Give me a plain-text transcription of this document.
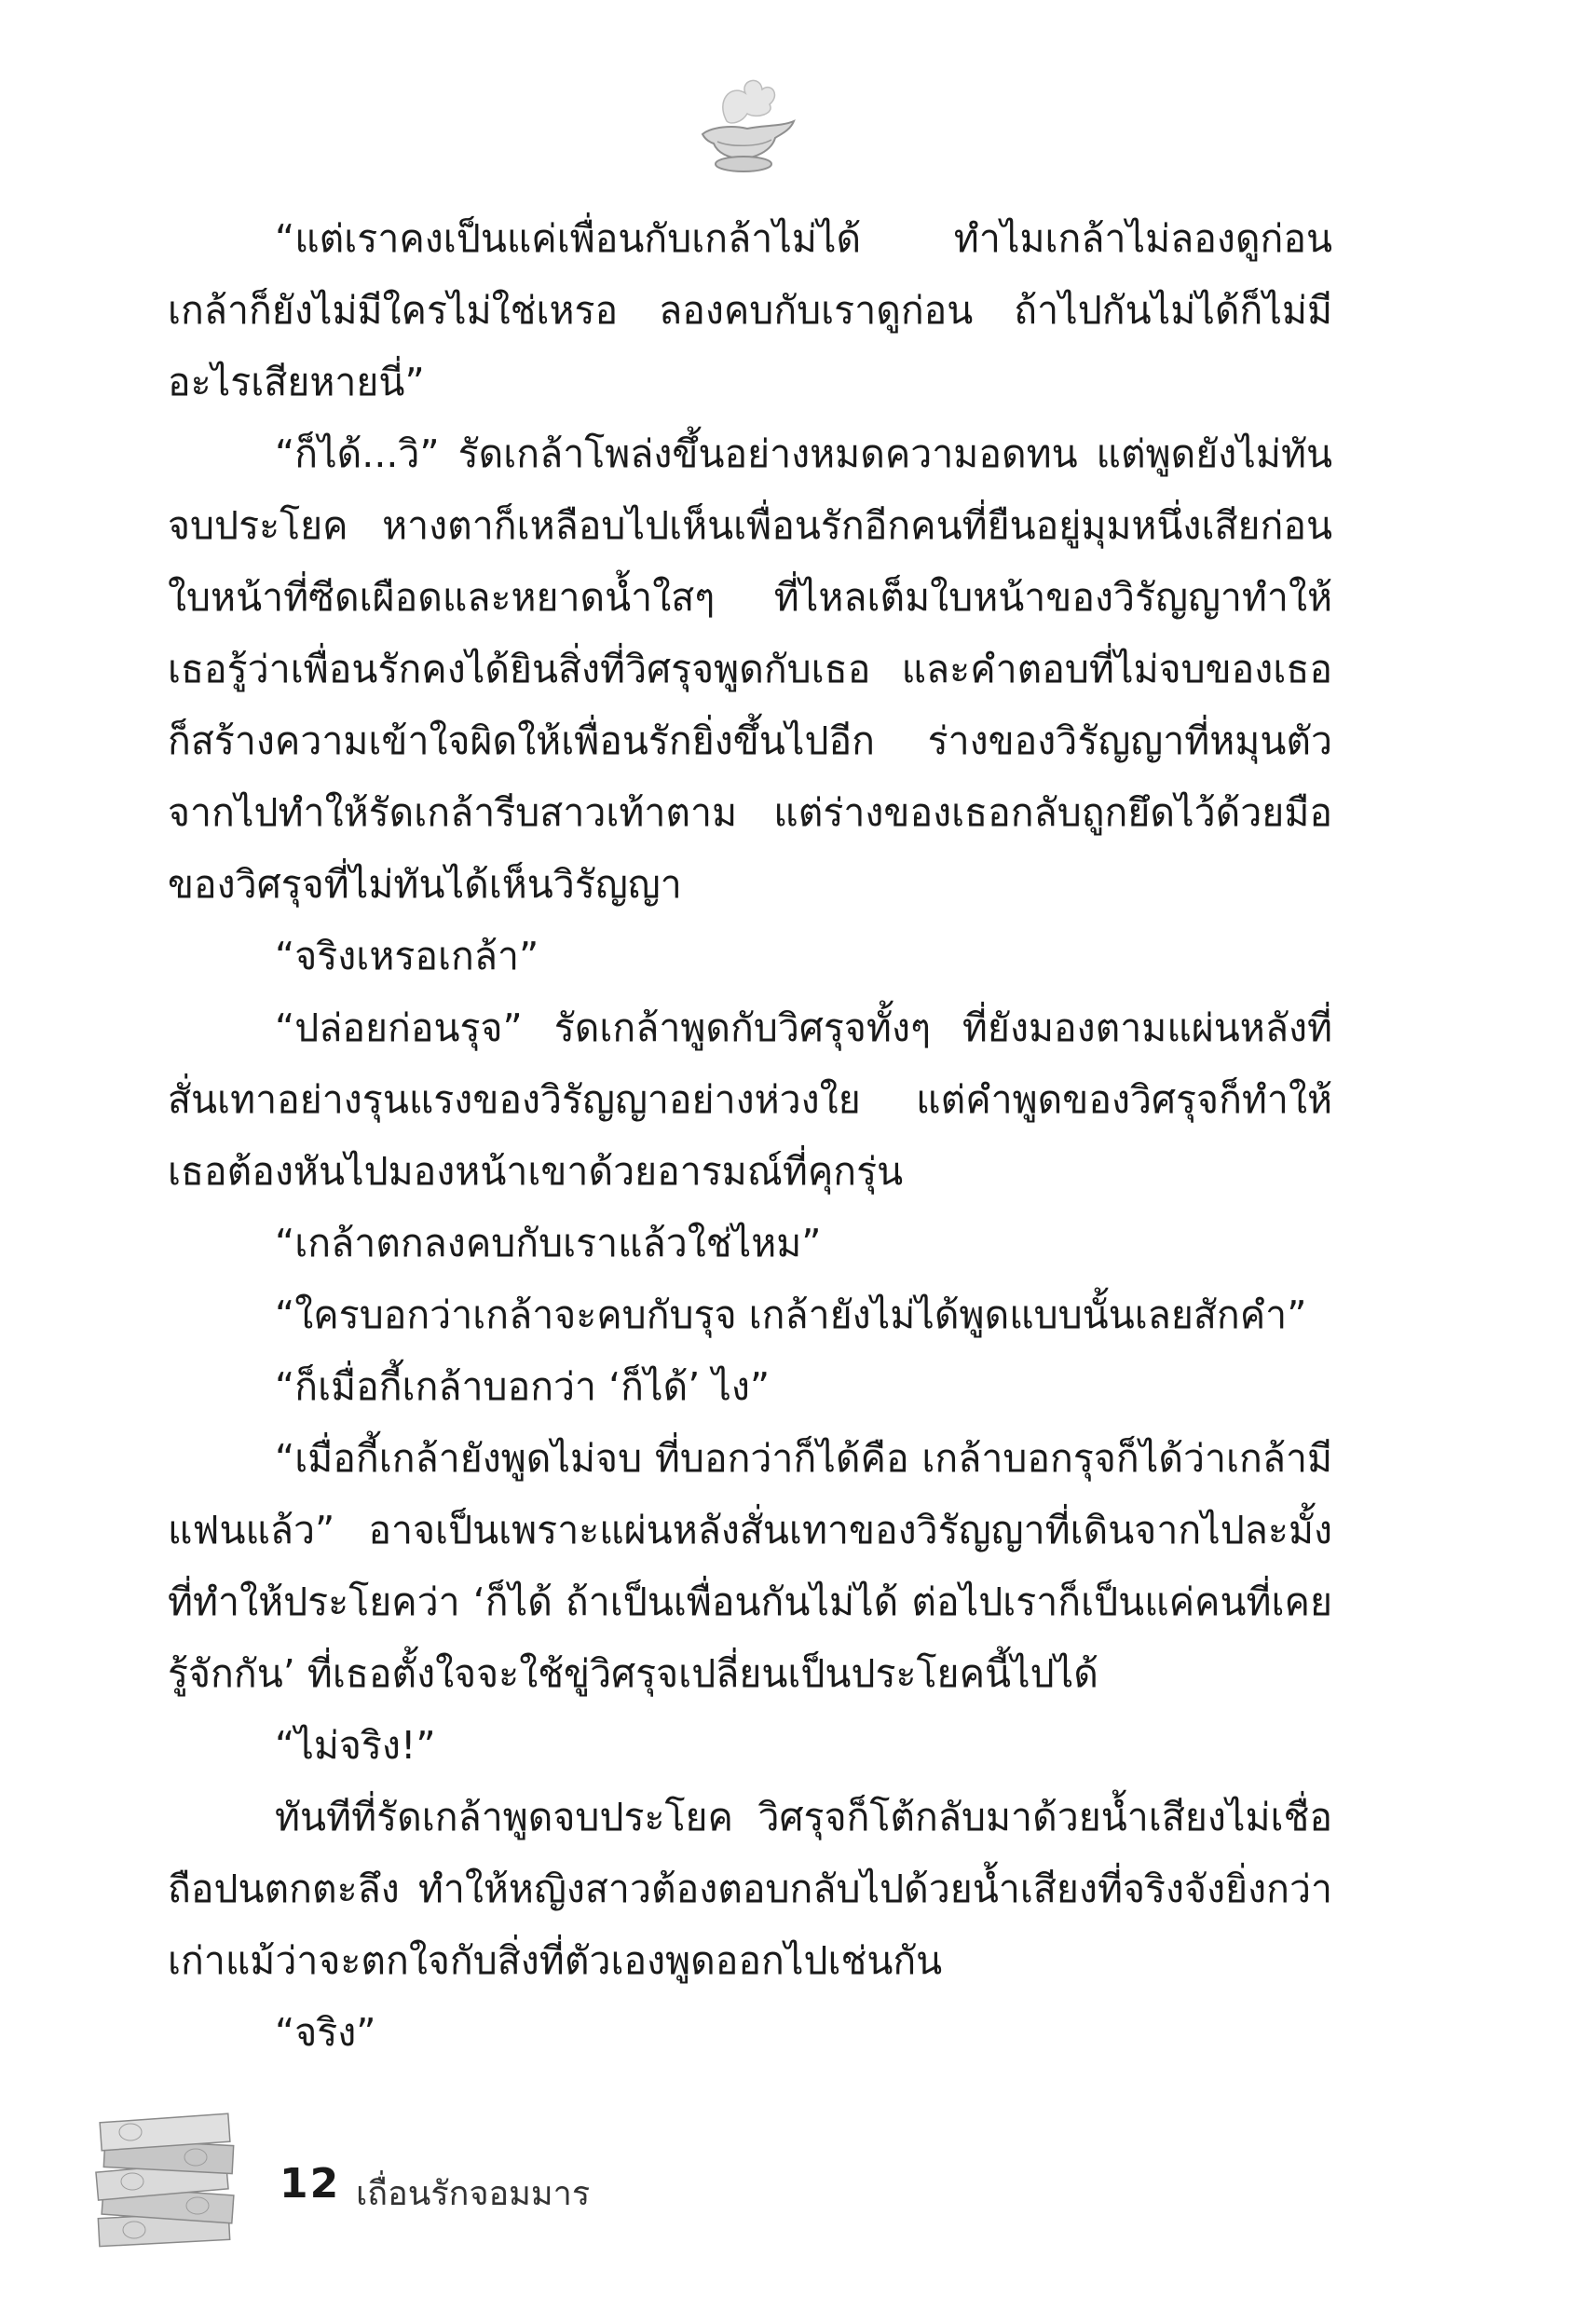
“แต่เราคงเป็นแค่เพื่อนกับเกล้าไม่ได้ ทำไมเกล้าไม่ลองดูก่อน เกล้าก็ยังไม่มีใครไม่ใช่เหรอ ลองคบกับเราดูก่อน ถ้าไปกันไม่ได้ก็ไม่มีอะไรเสียหายนี่”

“ก็ได้...วิ” รัดเกล้าโพล่งขึ้นอย่างหมดความอดทน แต่พูดยังไม่ทันจบประโยค หางตาก็เหลือบไปเห็นเพื่อนรักอีกคนที่ยืนอยู่มุมหนึ่งเสียก่อน ใบหน้าที่ซีดเผือดและหยาดน้ำใสๆ ที่ไหลเต็มใบหน้าของวิรัญญาทำให้เธอรู้ว่าเพื่อนรักคงได้ยินสิ่งที่วิศรุจพูดกับเธอ และคำตอบที่ไม่จบของเธอก็สร้างความเข้าใจผิดให้เพื่อนรักยิ่งขึ้นไปอีก ร่างของวิรัญญาที่หมุนตัวจากไปทำให้รัดเกล้ารีบสาวเท้าตาม แต่ร่างของเธอกลับถูกยึดไว้ด้วยมือของวิศรุจที่ไม่ทันได้เห็นวิรัญญา

“จริงเหรอเกล้า”

“ปล่อยก่อนรุจ” รัดเกล้าพูดกับวิศรุจทั้งๆ ที่ยังมองตามแผ่นหลังที่สั่นเทาอย่างรุนแรงของวิรัญญาอย่างห่วงใย แต่คำพูดของวิศรุจก็ทำให้เธอต้องหันไปมองหน้าเขาด้วยอารมณ์ที่คุกรุ่น

“เกล้าตกลงคบกับเราแล้วใช่ไหม”

“ใครบอกว่าเกล้าจะคบกับรุจ เกล้ายังไม่ได้พูดแบบนั้นเลยสักคำ”

“ก็เมื่อกี้เกล้าบอกว่า ‘ก็ได้’ ไง”

“เมื่อกี้เกล้ายังพูดไม่จบ ที่บอกว่าก็ได้คือ เกล้าบอกรุจก็ได้ว่าเกล้ามีแฟนแล้ว” อาจเป็นเพราะแผ่นหลังสั่นเทาของวิรัญญาที่เดินจากไปละมั้งที่ทำให้ประโยคว่า ‘ก็ได้ ถ้าเป็นเพื่อนกันไม่ได้ ต่อไปเราก็เป็นแค่คนที่เคยรู้จักกัน’ ที่เธอตั้งใจจะใช้ขู่วิศรุจเปลี่ยนเป็นประโยคนี้ไปได้

“ไม่จริง!”

ทันทีที่รัดเกล้าพูดจบประโยค วิศรุจก็โต้กลับมาด้วยน้ำเสียงไม่เชื่อถือปนตกตะลึง ทำให้หญิงสาวต้องตอบกลับไปด้วยน้ำเสียงที่จริงจังยิ่งกว่าเก่าแม้ว่าจะตกใจกับสิ่งที่ตัวเองพูดออกไปเช่นกัน

“จริง”

12 เถื่อนรักจอมมาร
